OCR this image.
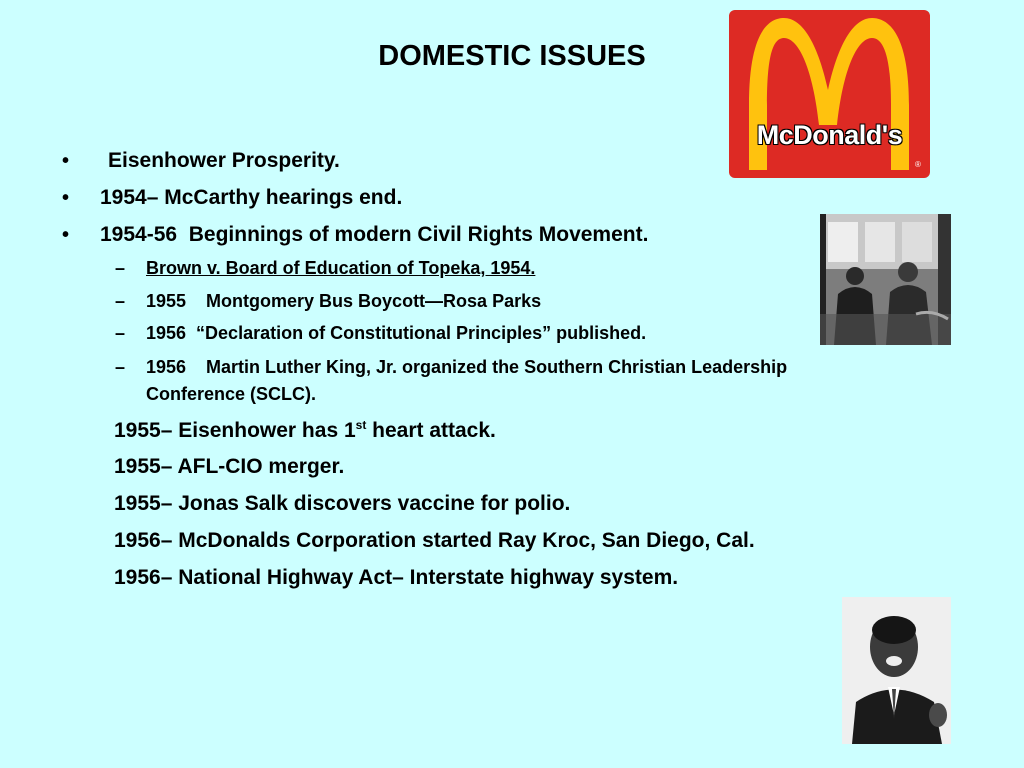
DOMESTIC ISSUES
• Eisenhower Prosperity.
• 1954– McCarthy hearings end.
• 1954-56  Beginnings of modern Civil Rights Movement.
– Brown v. Board of Education of Topeka, 1954.
– 1955    Montgomery Bus Boycott—Rosa Parks
– 1956  “Declaration of Constitutional Principles” published.
– 1956    Martin Luther King, Jr. organized the Southern Christian Leadership
Conference (SCLC).
1955– Eisenhower has 1st heart attack.
1955– AFL-CIO merger.
1955– Jonas Salk discovers vaccine for polio.
1956– McDonalds Corporation started Ray Kroc, San Diego, Cal.
1956– National Highway Act– Interstate highway system.
McDonald's
®
